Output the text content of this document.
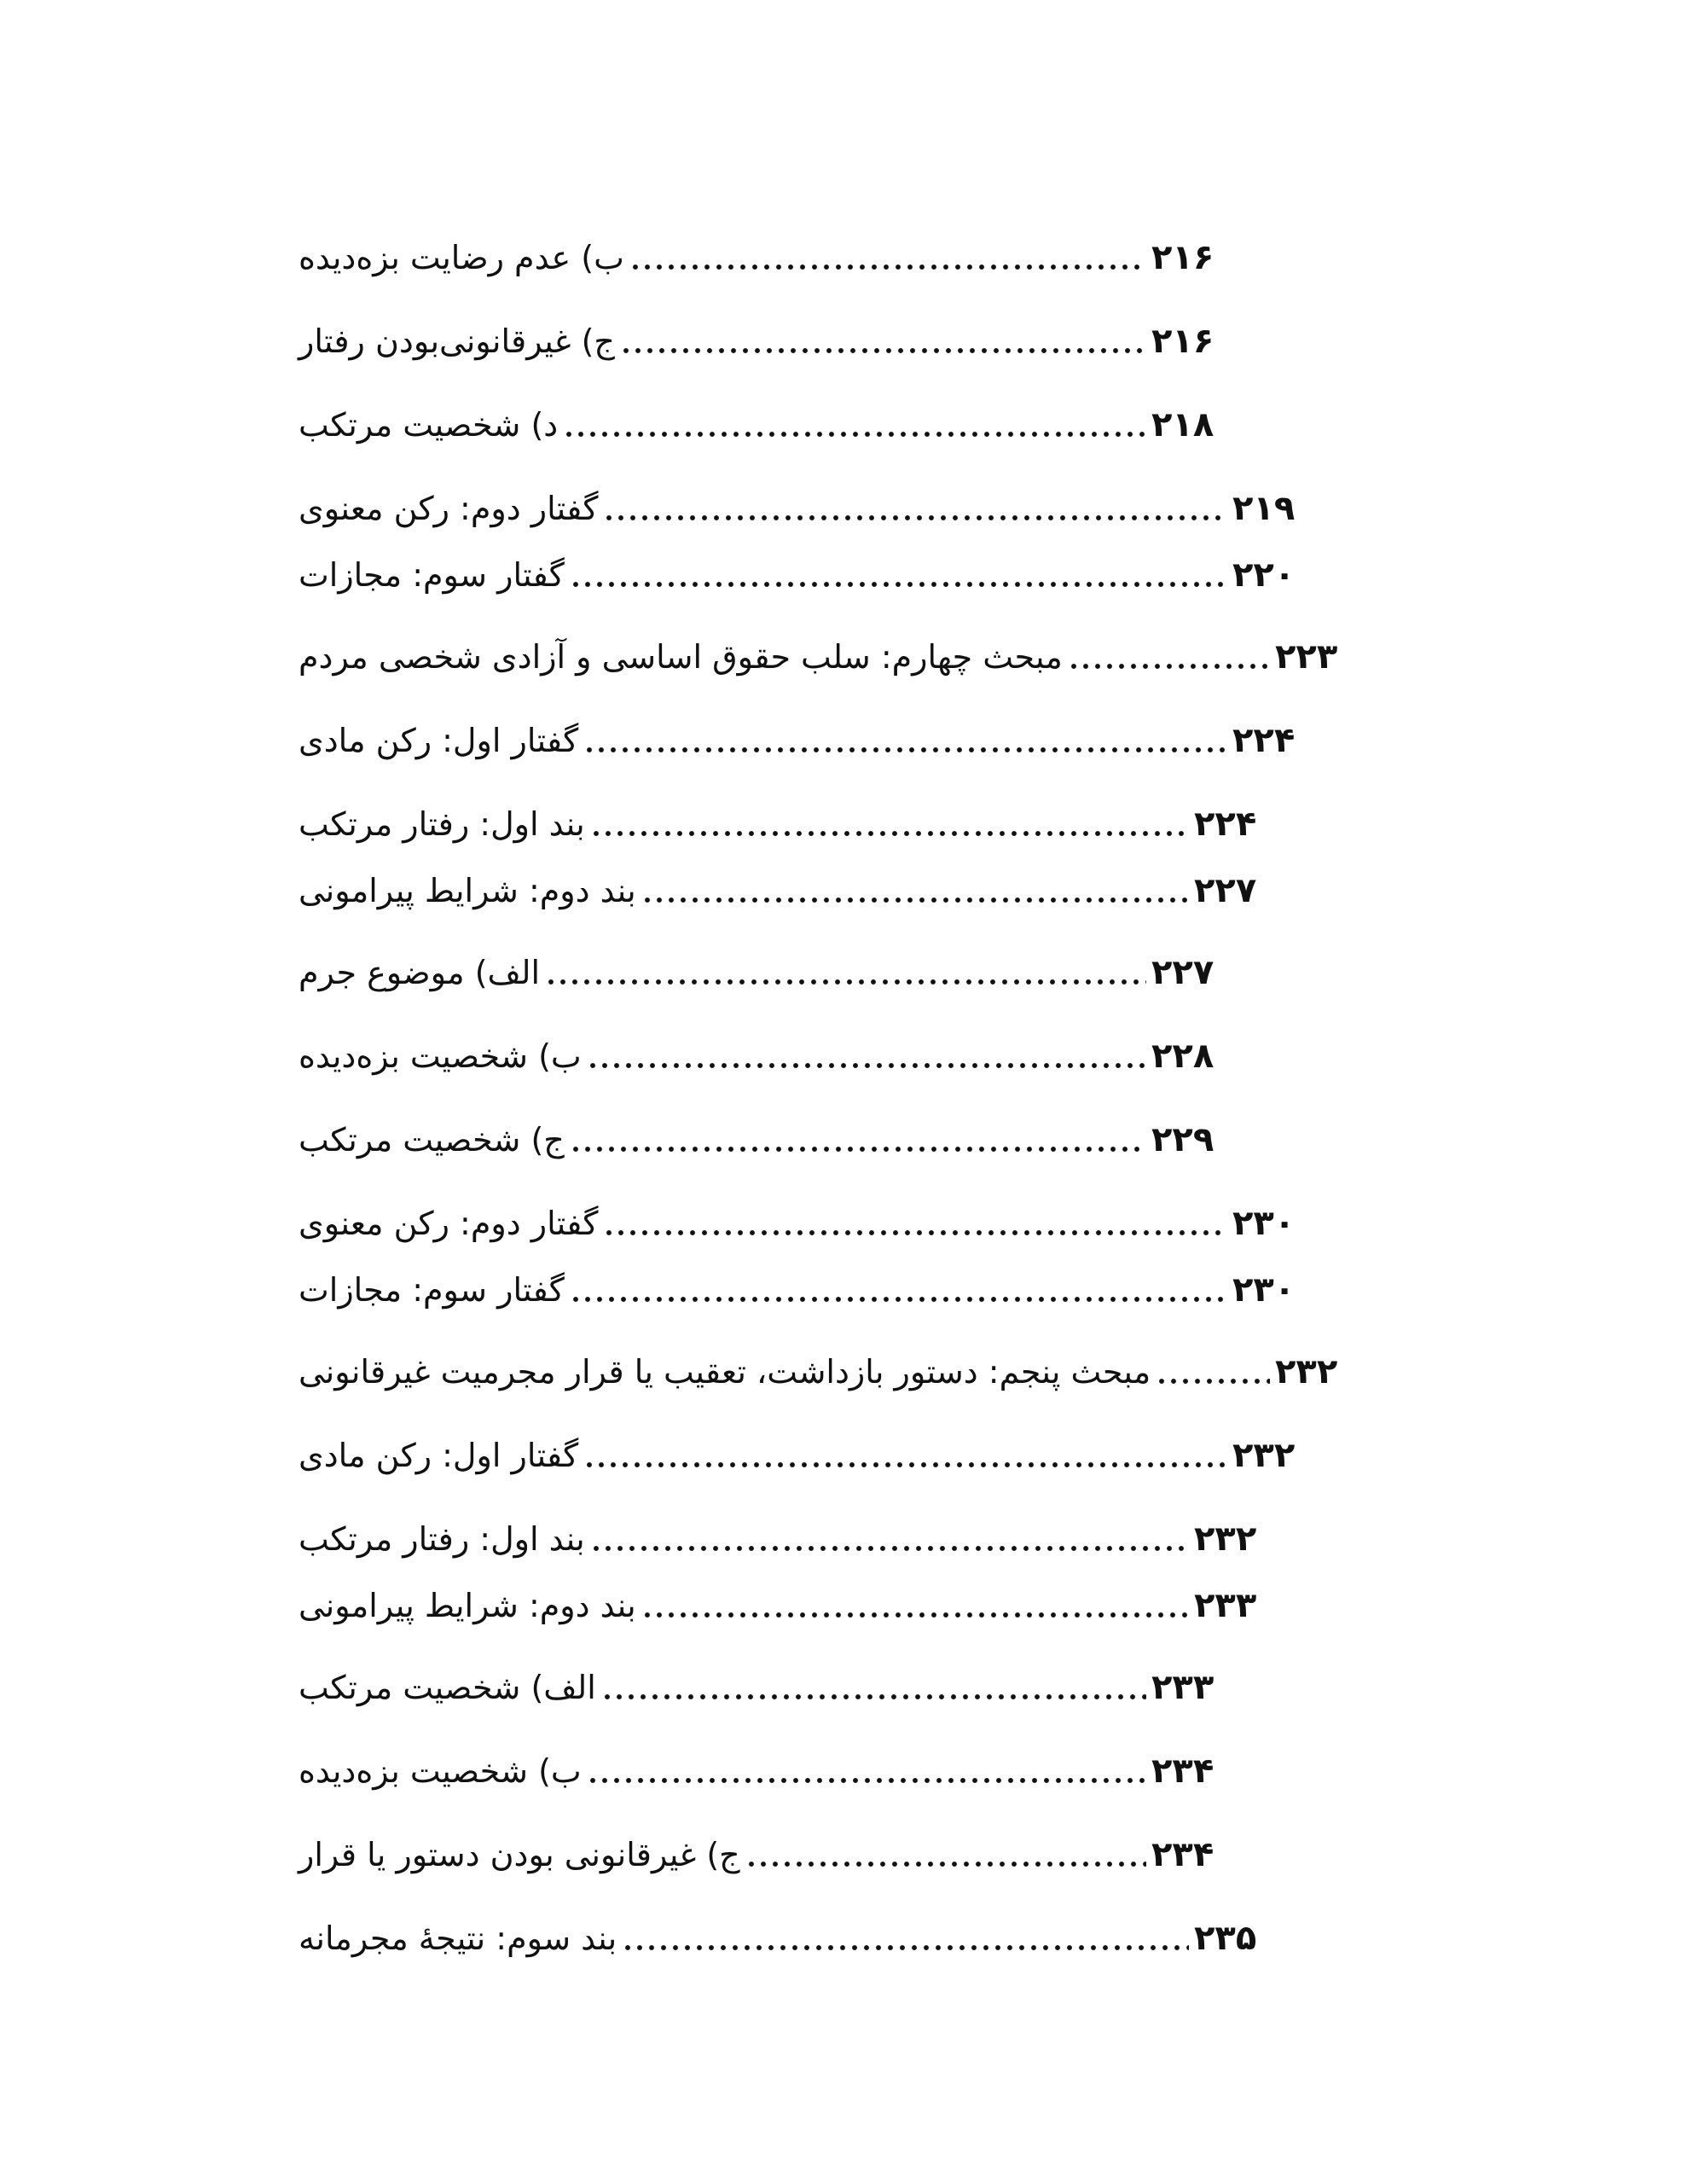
ب) عدم رضایت بزه‌دیده	۲۱۶
ج) غیرقانونی‌بودن رفتار	۲۱۶
د) شخصیت مرتکب	۲۱۸
گفتار دوم: رکن معنوی	۲۱۹
گفتار سوم: مجازات	۲۲۰
مبحث چهارم: سلب حقوق اساسی و آزادی شخصی مردم	۲۲۳
گفتار اول: رکن مادی	۲۲۴
بند اول: رفتار مرتکب	۲۲۴
بند دوم: شرایط پیرامونی	۲۲۷
الف) موضوع جرم	۲۲۷
ب) شخصیت بزه‌دیده	۲۲۸
ج) شخصیت مرتکب	۲۲۹
گفتار دوم: رکن معنوی	۲۳۰
گفتار سوم: مجازات	۲۳۰
مبحث پنجم: دستور بازداشت، تعقیب یا قرار مجرمیت غیرقانونی	۲۳۲
گفتار اول: رکن مادی	۲۳۲
بند اول: رفتار مرتکب	۲۳۲
بند دوم: شرایط پیرامونی	۲۳۳
الف) شخصیت مرتکب	۲۳۳
ب) شخصیت بزه‌دیده	۲۳۴
ج) غیرقانونی بودن دستور یا قرار	۲۳۴
بند سوم: نتیجهٔ مجرمانه	۲۳۵
